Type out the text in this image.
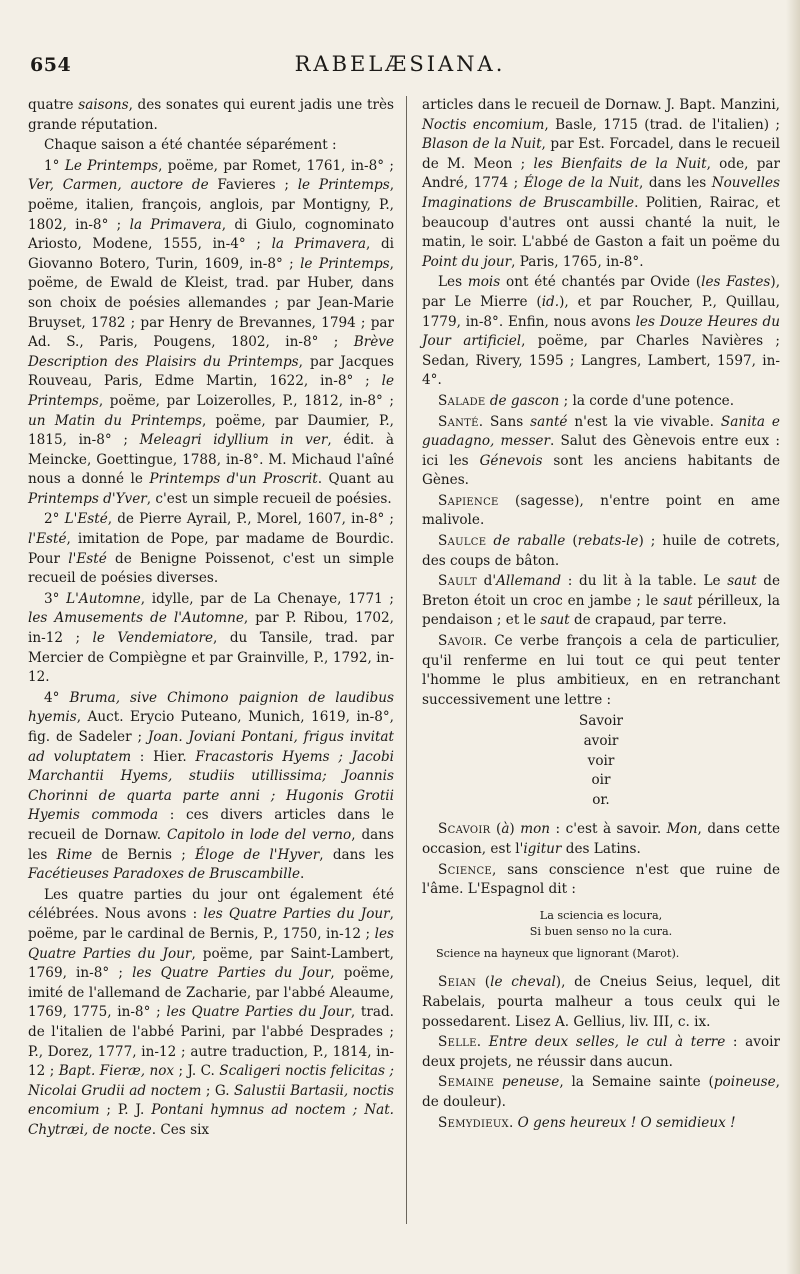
654	RABELÆSIANA.

quatre saisons, des sonates qui eurent jadis une très grande réputation.

Chaque saison a été chantée séparément :

1° Le Printemps, poëme, par Romet, 1761, in-8° ; Ver, Carmen, auctore de Favieres ; le Printemps, poëme, italien, françois, anglois, par Montigny, P., 1802, in-8° ; la Primavera, di Giulo, cognominato Ariosto, Modene, 1555, in-4° ; la Primavera, di Giovanno Botero, Turin, 1609, in-8° ; le Printemps, poëme, de Ewald de Kleist, trad. par Huber, dans son choix de poésies allemandes ; par Jean-Marie Bruyset, 1782 ; par Henry de Brevannes, 1794 ; par Ad. S., Paris, Pougens, 1802, in-8° ; Brève Description des Plaisirs du Printemps, par Jacques Rouveau, Paris, Edme Martin, 1622, in-8° ; le Printemps, poëme, par Loizerolles, P., 1812, in-8° ; un Matin du Printemps, poëme, par Daumier, P., 1815, in-8° ; Meleagri idyllium in ver, édit. à Meincke, Goettingue, 1788, in-8°. M. Michaud l'aîné nous a donné le Printemps d'un Proscrit. Quant au Printemps d'Yver, c'est un simple recueil de poésies.

2° L'Esté, de Pierre Ayrail, P., Morel, 1607, in-8° ; l'Esté, imitation de Pope, par madame de Bourdic. Pour l'Esté de Benigne Poissenot, c'est un simple recueil de poésies diverses.

3° L'Automne, idylle, par de La Chenaye, 1771 ; les Amusements de l'Automne, par P. Ribou, 1702, in-12 ; le Vendemiatore, du Tansile, trad. par Mercier de Compiègne et par Grainville, P., 1792, in-12.

4° Bruma, sive Chimono paignion de laudibus hyemis, Auct. Erycio Puteano, Munich, 1619, in-8°, fig. de Sadeler ; Joan. Joviani Pontani, frigus invitat ad voluptatem : Hier. Fracastoris Hyems ; Jacobi Marchantii Hyems, studiis utillissima; Joannis Chorinni de quarta parte anni ; Hugonis Grotii Hyemis commoda : ces divers articles dans le recueil de Dornaw. Capitolo in lode del verno, dans les Rime de Bernis ; Éloge de l'Hyver, dans les Facétieuses Paradoxes de Bruscambille.

Les quatre parties du jour ont également été célébrées. Nous avons : les Quatre Parties du Jour, poëme, par le cardinal de Bernis, P., 1750, in-12 ; les Quatre Parties du Jour, poëme, par Saint-Lambert, 1769, in-8° ; les Quatre Parties du Jour, poëme, imité de l'allemand de Zacharie, par l'abbé Aleaume, 1769, 1775, in-8° ; les Quatre Parties du Jour, trad. de l'italien de l'abbé Parini, par l'abbé Desprades ; P., Dorez, 1777, in-12 ; autre traduction, P., 1814, in-12 ; Bapt. Fieræ, nox ; J. C. Scaligeri noctis felicitas ; Nicolai Grudii ad noctem ; G. Salustii Bartasii, noctis encomium ; P. J. Pontani hymnus ad noctem ; Nat. Chytræi, de nocte. Ces six

articles dans le recueil de Dornaw. J. Bapt. Manzini, Noctis encomium, Basle, 1715 (trad. de l'italien) ; Blason de la Nuit, par Est. Forcadel, dans le recueil de M. Meon ; les Bienfaits de la Nuit, ode, par André, 1774 ; Éloge de la Nuit, dans les Nouvelles Imaginations de Bruscambille. Politien, Rairac, et beaucoup d'autres ont aussi chanté la nuit, le matin, le soir. L'abbé de Gaston a fait un poëme du Point du jour, Paris, 1765, in-8°.

Les mois ont été chantés par Ovide (les Fastes), par Le Mierre (id.), et par Roucher, P., Quillau, 1779, in-8°. Enfin, nous avons les Douze Heures du Jour artificiel, poëme, par Charles Navières ; Sedan, Rivery, 1595 ; Langres, Lambert, 1597, in-4°.

Salade de gascon ; la corde d'une potence.

Santé. Sans santé n'est la vie vivable. Sanita e guadagno, messer. Salut des Gènevois entre eux : ici les Génevois sont les anciens habitants de Gènes.

Sapience (sagesse), n'entre point en ame malivole.

Saulce de raballe (rebats-le) ; huile de cotrets, des coups de bâton.

Sault d'Allemand : du lit à la table. Le saut de Breton étoit un croc en jambe ; le saut périlleux, la pendaison ; et le saut de crapaud, par terre.

Savoir. Ce verbe françois a cela de particulier, qu'il renferme en lui tout ce qui peut tenter l'homme le plus ambitieux, en en retranchant successivement une lettre :

Savoir
avoir
voir
oir
or.

Scavoir (à) mon : c'est à savoir. Mon, dans cette occasion, est l'igitur des Latins.

Science, sans conscience n'est que ruine de l'âme. L'Espagnol dit :

La sciencia es locura,
Si buen senso no la cura.

Science na hayneux que lignorant (Marot).

Seian (le cheval), de Cneius Seius, lequel, dit Rabelais, pourta malheur a tous ceulx qui le possedarent. Lisez A. Gellius, liv. III, c. ix.

Selle. Entre deux selles, le cul à terre : avoir deux projets, ne réussir dans aucun.

Semaine peneuse, la Semaine sainte (poineuse, de douleur).

Semydieux. O gens heureux ! O semidieux !
